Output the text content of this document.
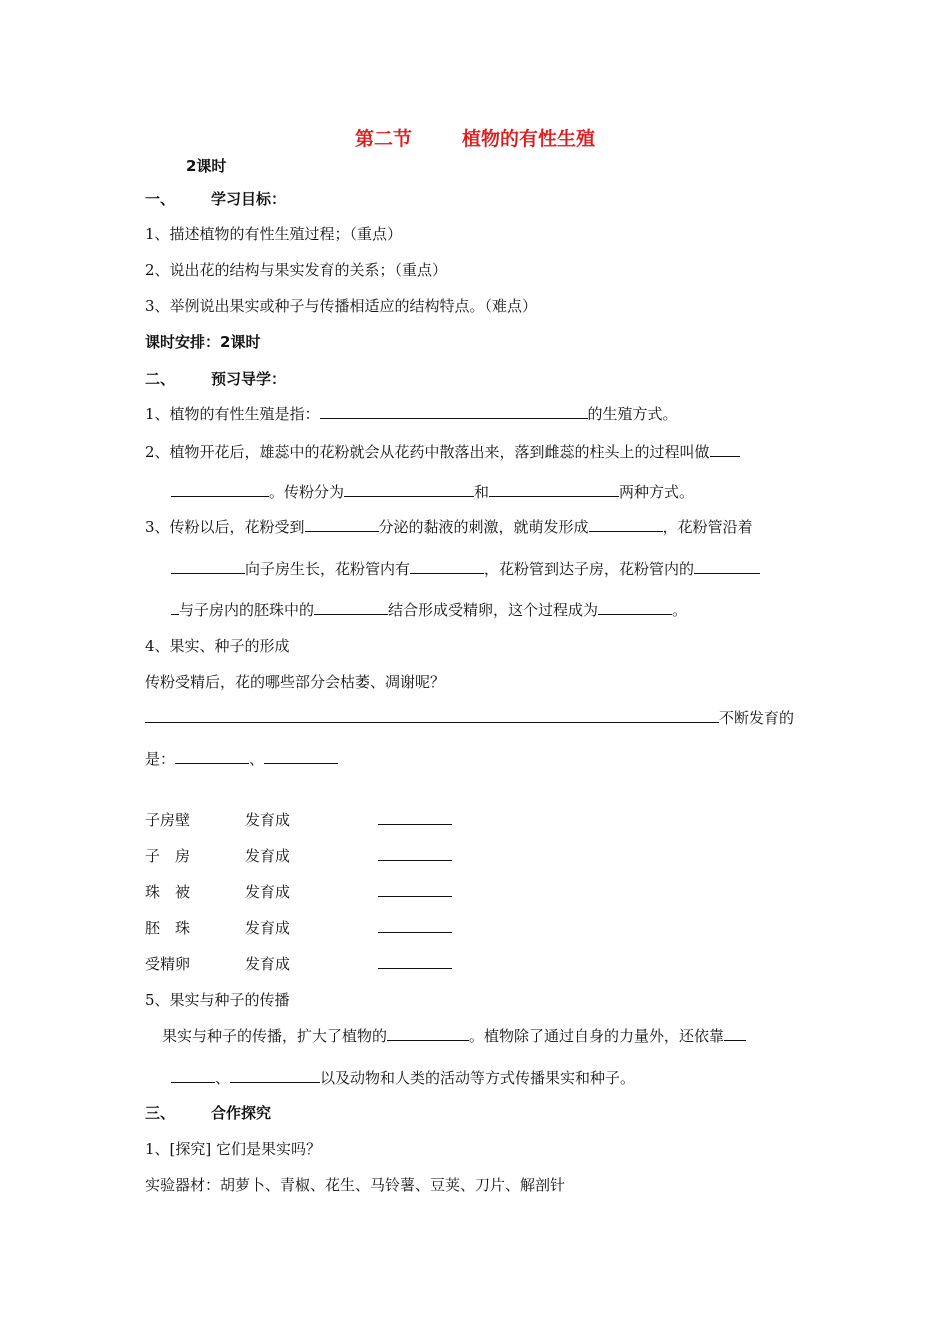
第二节	植物的有性生殖
2课时
一、 学习目标：
1、描述植物的有性生殖过程；（重点）
2、说出花的结构与果实发育的关系；（重点）
3、举例说出果实或种子与传播相适应的结构特点。（难点）
课时安排：2课时
二、 预习导学：
1、植物的有性生殖是指：	的生殖方式。
2、植物开花后，雄蕊中的花粉就会从花药中散落出来，落到雌蕊的柱头上的过程叫做
。传粉分为	和	两种方式。
3、传粉以后，花粉受到	分泌的黏液的刺激，就萌发形成	，花粉管沿着
向子房生长，花粉管内有	，花粉管到达子房，花粉管内的
与子房内的胚珠中的	结合形成受精卵，这个过程成为	。
4、果实、种子的形成
传粉受精后，花的哪些部分会枯萎、凋谢呢？
不断发育的
是：	、
子房壁	发育成
子　房	发育成
珠　被	发育成
胚　珠	发育成
受精卵	发育成
5、果实与种子的传播
果实与种子的传播，扩大了植物的	。植物除了通过自身的力量外，还依靠
、	以及动物和人类的活动等方式传播果实和种子。
三、 合作探究
1、[探究] 它们是果实吗？
实验器材：胡萝卜、青椒、花生、马铃薯、豆荚、刀片、解剖针
